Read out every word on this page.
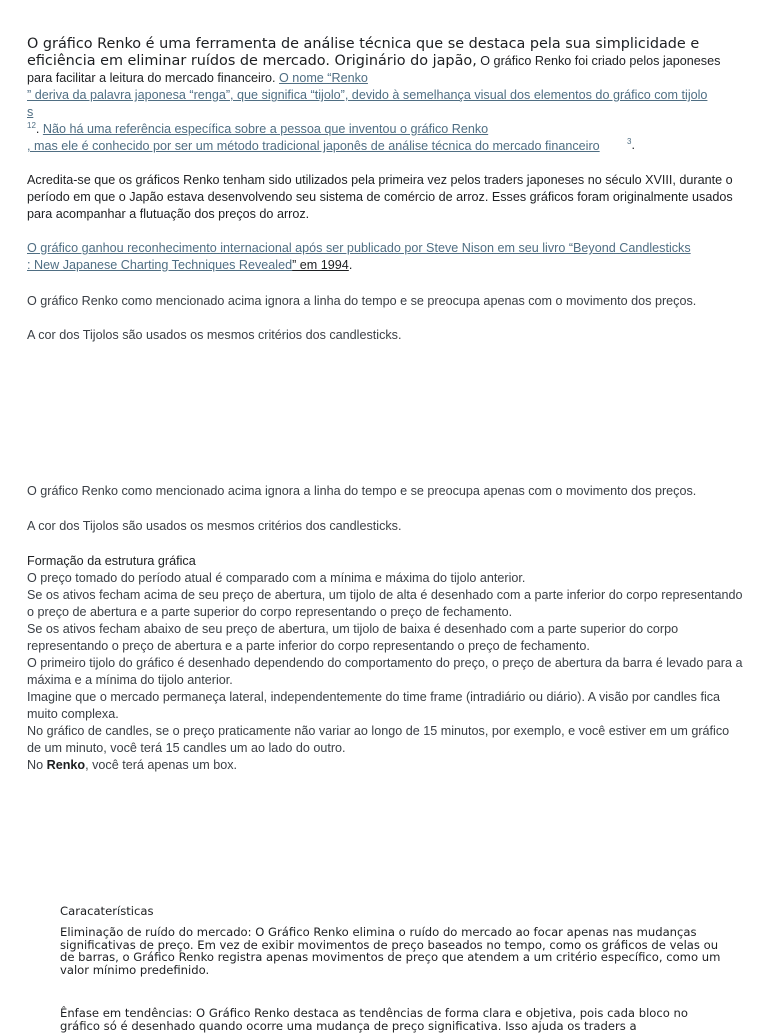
O gráfico Renko é uma ferramenta de análise técnica que se destaca pela sua simplicidade e eficiência em eliminar ruídos de mercado. Originário do japão, O gráfico Renko foi criado pelos japoneses para facilitar a leitura do mercado financeiro. O nome “Renko
” deriva da palavra japonesa “renga”, que significa “tijolo”, devido à semelhança visual dos elementos do gráfico com tijolo
s
$^{12}$. Não há uma referência específica sobre a pessoa que inventou o gráfico Renko
, mas ele é conhecido por ser um método tradicional japonês de análise técnica do mercado financeiro	$^3$.
Acredita-se que os gráficos Renko tenham sido utilizados pela primeira vez pelos traders japoneses no século XVIII, durante o período em que o Japão estava desenvolvendo seu sistema de comércio de arroz. Esses gráficos foram originalmente usados para acompanhar a flutuação dos preços do arroz.
O gráfico ganhou reconhecimento internacional após ser publicado por Steve Nison em seu livro “Beyond Candlesticks
: New Japanese Charting Techniques Revealed” em 1994.
O gráfico Renko como mencionado acima ignora a linha do tempo e se preocupa apenas com o movimento dos preços.
A cor dos Tijolos são usados os mesmos critérios dos candlesticks.
O gráfico Renko como mencionado acima ignora a linha do tempo e se preocupa apenas com o movimento dos preços.
A cor dos Tijolos são usados os mesmos critérios dos candlesticks.
Formação da estrutura gráfica
O preço tomado do período atual é comparado com a mínima e máxima do tijolo anterior.
Se os ativos fecham acima de seu preço de abertura, um tijolo de alta é desenhado com a parte inferior do corpo representando o preço de abertura e a parte superior do corpo representando o preço de fechamento.
Se os ativos fecham abaixo de seu preço de abertura, um tijolo de baixa é desenhado com a parte superior do corpo representando o preço de abertura e a parte inferior do corpo representando o preço de fechamento.
O primeiro tijolo do gráfico é desenhado dependendo do comportamento do preço, o preço de abertura da barra é levado para a máxima e a mínima do tijolo anterior.
Imagine que o mercado permaneça lateral, independentemente do time frame (intradiário ou diário). A visão por candles fica muito complexa.
No gráfico de candles, se o preço praticamente não variar ao longo de 15 minutos, por exemplo, e você estiver em um gráfico de um minuto, você terá 15 candles um ao lado do outro.
No Renko, você terá apenas um box.
Caracaterísticas
Eliminação de ruído do mercado: O Gráfico Renko elimina o ruído do mercado ao focar apenas nas mudanças significativas de preço. Em vez de exibir movimentos de preço baseados no tempo, como os gráficos de velas ou de barras, o Gráfico Renko registra apenas movimentos de preço que atendem a um critério específico, como um valor mínimo predefinido.
Ênfase em tendências: O Gráfico Renko destaca as tendências de forma clara e objetiva, pois cada bloco no gráfico só é desenhado quando ocorre uma mudança de preço significativa. Isso ajuda os traders a
